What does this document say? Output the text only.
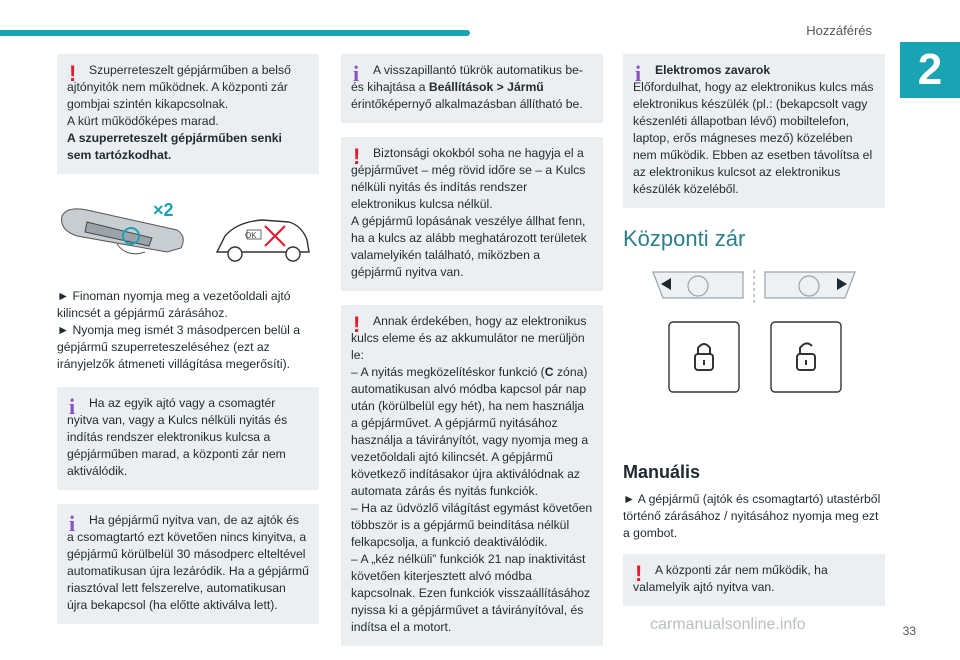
Hozzáférés
2
!	Szuperreteszelt gépjárműben a belső ajtónyitók nem működnek. A központi zár gombjai szintén kikapcsolnak.

A kürt működőképes marad.

A szuperreteszelt gépjárműben senki sem tartózkodhat.

OK
×2

► Finoman nyomja meg a vezetőoldali ajtó kilincsét a gépjármű zárásához.

► Nyomja meg ismét 3 másodpercen belül a gépjármű szuperreteszeléséhez (ezt az irányjelzők átmeneti villágítása megerősíti).

i	Ha az egyik ajtó vagy a csomagtér nyitva van, vagy a Kulcs nélküli nyitás és indítás rendszer elektronikus kulcsa a gépjárműben marad, a központi zár nem aktiválódik.

i	Ha gépjármű nyitva van, de az ajtók és a csomagtartó ezt követően nincs kinyitva, a gépjármű körülbelül 30 másodperc elteltével automatikusan újra lezáródik. Ha a gépjármű riasztóval lett felszerelve, automatikusan újra bekapcsol (ha előtte aktiválva lett).

i	A visszapillantó tükrök automatikus be- és kihajtása a Beállítások > Jármű érintőképernyő alkalmazásban állítható be.

!	Biztonsági okokból soha ne hagyja el a gépjárművet – még rövid időre se – a Kulcs nélküli nyitás és indítás rendszer elektronikus kulcsa nélkül.

A gépjármű lopásának veszélye állhat fenn, ha a kulcs az alább meghatározott területek valamelyikén található, miközben a gépjármű nyitva van.

!	Annak érdekében, hogy az elektronikus kulcs eleme és az akkumulátor ne merüljön le:

– A nyitás megközelítéskor funkció (C zóna) automatikusan alvó módba kapcsol pár nap után (körülbelül egy hét), ha nem használja a gépjárművet. A gépjármű nyitásához használja a távirányítót, vagy nyomja meg a vezetőoldali ajtó kilincsét. A gépjármű következő indításakor újra aktiválódnak az automata zárás és nyitás funkciók.

– Ha az üdvözlő világítást egymást követően többször is a gépjármű beindítása nélkül felkapcsolja, a funkció deaktiválódik.

– A „kéz nélküli” funkciók 21 nap inaktivitást követően kiterjesztett alvó módba kapcsolnak. Ezen funkciók visszaállításához nyissa ki a gépjárművet a távirányítóval, és indítsa el a motort.

i	Elektromos zavarok

Előfordulhat, hogy az elektronikus kulcs más elektronikus készülék (pl.: (bekapcsolt vagy készenléti állapotban lévő) mobiltelefon, laptop, erős mágneses mező) közelében nem működik. Ebben az esetben távolítsa el az elektronikus kulcsot az elektronikus készülék közeléből.

Központi zár
Manuális

► A gépjármű (ajtók és csomagtartó) utastérből történő zárásához / nyitásához nyomja meg ezt a gombot.

!	A központi zár nem működik, ha valamelyik ajtó nyitva van.

33
carmanualsonline.info
